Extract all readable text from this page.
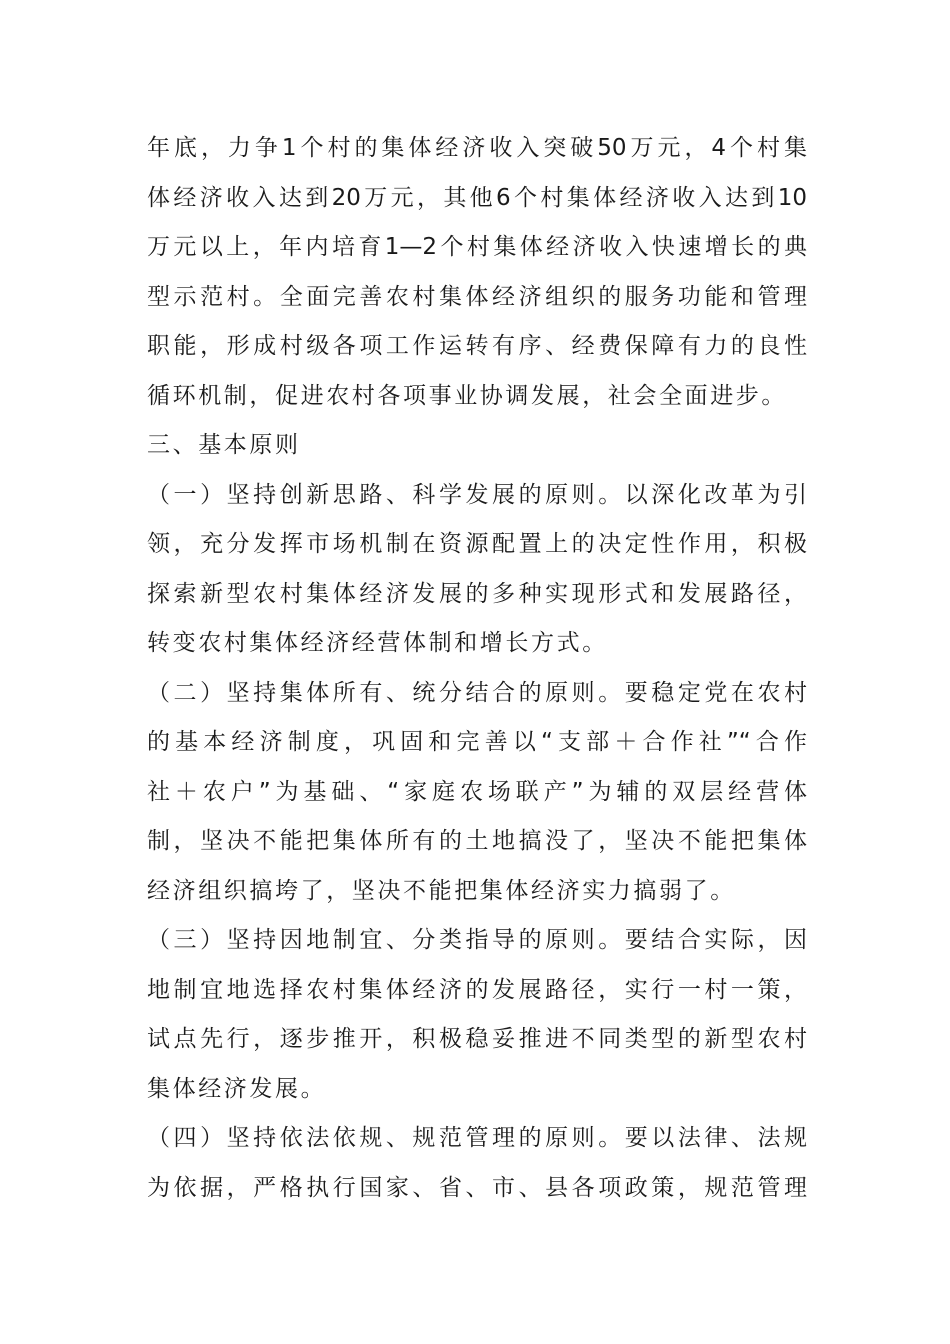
年底，力争1个村的集体经济收入突破50万元，4个村集
体经济收入达到20万元，其他6个村集体经济收入达到10
万元以上，年内培育1—2个村集体经济收入快速增长的典
型示范村。全面完善农村集体经济组织的服务功能和管理
职能，形成村级各项工作运转有序、经费保障有力的良性
循环机制，促进农村各项事业协调发展，社会全面进步。
三、基本原则
（一）坚持创新思路、科学发展的原则。以深化改革为引
领，充分发挥市场机制在资源配置上的决定性作用，积极
探索新型农村集体经济发展的多种实现形式和发展路径，
转变农村集体经济经营体制和增长方式。
（二）坚持集体所有、统分结合的原则。要稳定党在农村
的基本经济制度，巩固和完善以“支部＋合作社”“合作
社＋农户”为基础、“家庭农场联产”为辅的双层经营体
制，坚决不能把集体所有的土地搞没了，坚决不能把集体
经济组织搞垮了，坚决不能把集体经济实力搞弱了。
（三）坚持因地制宜、分类指导的原则。要结合实际，因
地制宜地选择农村集体经济的发展路径，实行一村一策，
试点先行，逐步推开，积极稳妥推进不同类型的新型农村
集体经济发展。
（四）坚持依法依规、规范管理的原则。要以法律、法规
为依据，严格执行国家、省、市、县各项政策，规范管理
